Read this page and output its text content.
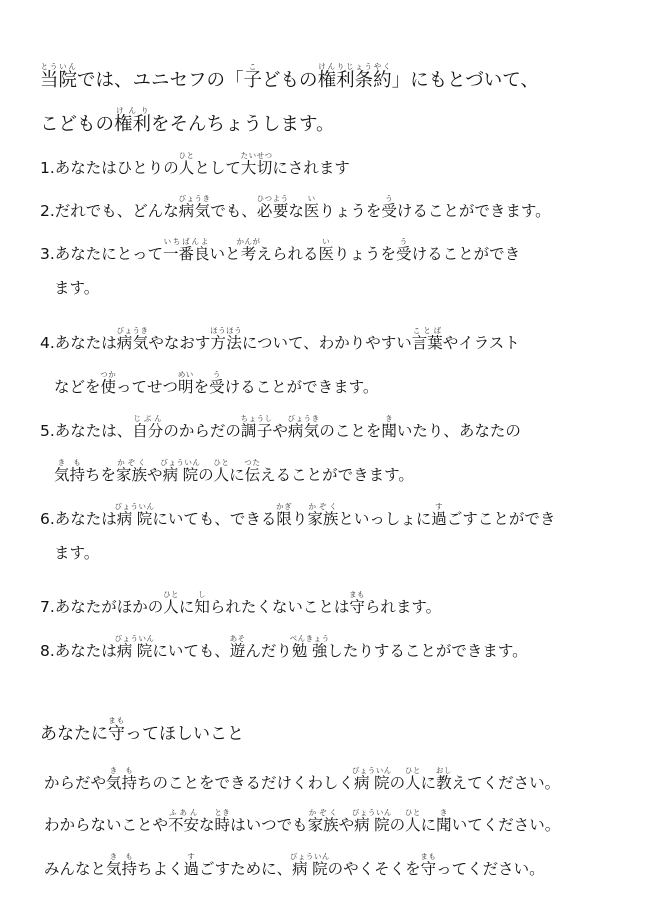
当院とういんでは、ユニセフの「子こどもの権利条約けんりじょうやく」にもとづいて、
こどもの権利けんりをそんちょうします。
1.あなたはひとりの人ひととして大切たいせつにされます
2.だれでも、どんな病気びょうきでも、必要ひつような医いりょうを受うけることができます。
3.あなたにとって一番良いちばんよいと考かんがえられる医いりょうを受うけることができ
ます。
4.あなたは病気びょうきやなおす方法ほうほうについて、わかりやすい言葉ことばやイラスト
などを使つかってせつ明めいを受うけることができます。
5.あなたは、自分じぶんのからだの調子ちょうしや病気びょうきのことを聞きいたり、あなたの
気持きもちを家族かぞくや病院びょういんの人ひとに伝つたえることができます。
6.あなたは病院びょういんにいても、できる限かぎり家族かぞくといっしょに過すごすことができ
ます。
7.あなたがほかの人ひとに知しられたくないことは守まもられます。
8.あなたは病院びょういんにいても、遊あそんだり勉強べんきょうしたりすることができます。
あなたに守まもってほしいこと
からだや気持きもちのことをできるだけくわしく病院びょういんの人ひとに教おしえてください。
わからないことや不安ふあんな時ときはいつでも家族かぞくや病院びょういんの人ひとに聞きいてください。
みんなと気持きもちよく過すごすために、病院びょういんのやくそくを守まもってください。
